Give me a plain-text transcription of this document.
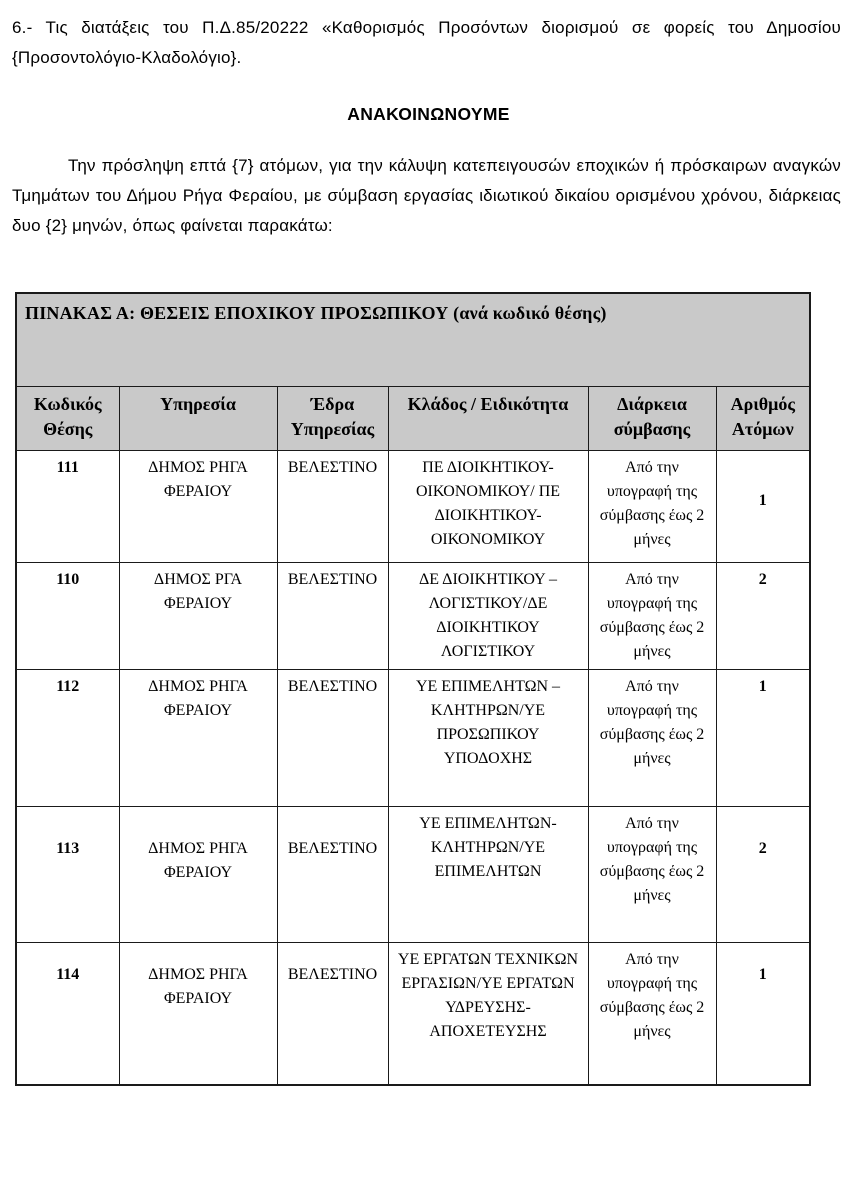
6.- Τις διατάξεις του Π.Δ.85/20222 «Καθορισμός Προσόντων διορισμού σε φορείς του Δημοσίου {Προσοντολόγιο-Κλαδολόγιο}.

ΑΝΑΚΟΙΝΩΝΟΥΜΕ

Την πρόσληψη επτά {7} ατόμων, για την κάλυψη κατεπειγουσών εποχικών ή πρόσκαιρων αναγκών Τμημάτων του Δήμου Ρήγα Φεραίου, με σύμβαση εργασίας ιδιωτικού δικαίου ορισμένου χρόνου, διάρκειας δυο {2} μηνών, όπως φαίνεται παρακάτω:

ΠΙΝΑΚΑΣ Α: ΘΕΣΕΙΣ ΕΠΟΧΙΚΟΥ ΠΡΟΣΩΠΙΚΟΥ (ανά κωδικό θέσης)					
Κωδικός Θέσης	Υπηρεσία	Έδρα Υπηρεσίας	Κλάδος / Ειδικότητα	Διάρκεια σύμβασης	Αριθμός Ατόμων
111	ΔΗΜΟΣ ΡΗΓΑ ΦΕΡΑΙΟΥ	ΒΕΛΕΣΤΙΝΟ	ΠΕ ΔΙΟΙΚΗΤΙΚΟΥ-ΟΙΚΟΝΟΜΙΚΟΥ/ ΠΕ ΔΙΟΙΚΗΤΙΚΟΥ-ΟΙΚΟΝΟΜΙΚΟΥ	Από την υπογραφή της σύμβασης έως 2 μήνες	1
110	ΔΗΜΟΣ ΡΓΑ ΦΕΡΑΙΟΥ	ΒΕΛΕΣΤΙΝΟ	ΔΕ ΔΙΟΙΚΗΤΙΚΟΥ – ΛΟΓΙΣΤΙΚΟΥ/ΔΕ ΔΙΟΙΚΗΤΙΚΟΥ ΛΟΓΙΣΤΙΚΟΥ	Από την υπογραφή της σύμβασης έως 2 μήνες	2
112	ΔΗΜΟΣ ΡΗΓΑ ΦΕΡΑΙΟΥ	ΒΕΛΕΣΤΙΝΟ	ΥΕ ΕΠΙΜΕΛΗΤΩΝ – ΚΛΗΤΗΡΩΝ/ΥΕ ΠΡΟΣΩΠΙΚΟΥ ΥΠΟΔΟΧΗΣ	Από την υπογραφή της σύμβασης έως 2 μήνες	1
113	ΔΗΜΟΣ ΡΗΓΑ ΦΕΡΑΙΟΥ	ΒΕΛΕΣΤΙΝΟ	ΥΕ ΕΠΙΜΕΛΗΤΩΝ-ΚΛΗΤΗΡΩΝ/ΥΕ ΕΠΙΜΕΛΗΤΩΝ	Από την υπογραφή της σύμβασης έως 2 μήνες	2
114	ΔΗΜΟΣ ΡΗΓΑ ΦΕΡΑΙΟΥ	ΒΕΛΕΣΤΙΝΟ	ΥΕ ΕΡΓΑΤΩΝ ΤΕΧΝΙΚΩΝ ΕΡΓΑΣΙΩΝ/ΥΕ ΕΡΓΑΤΩΝ ΥΔΡΕΥΣΗΣ-ΑΠΟΧΕΤΕΥΣΗΣ	Από την υπογραφή της σύμβασης έως 2 μήνες	1
